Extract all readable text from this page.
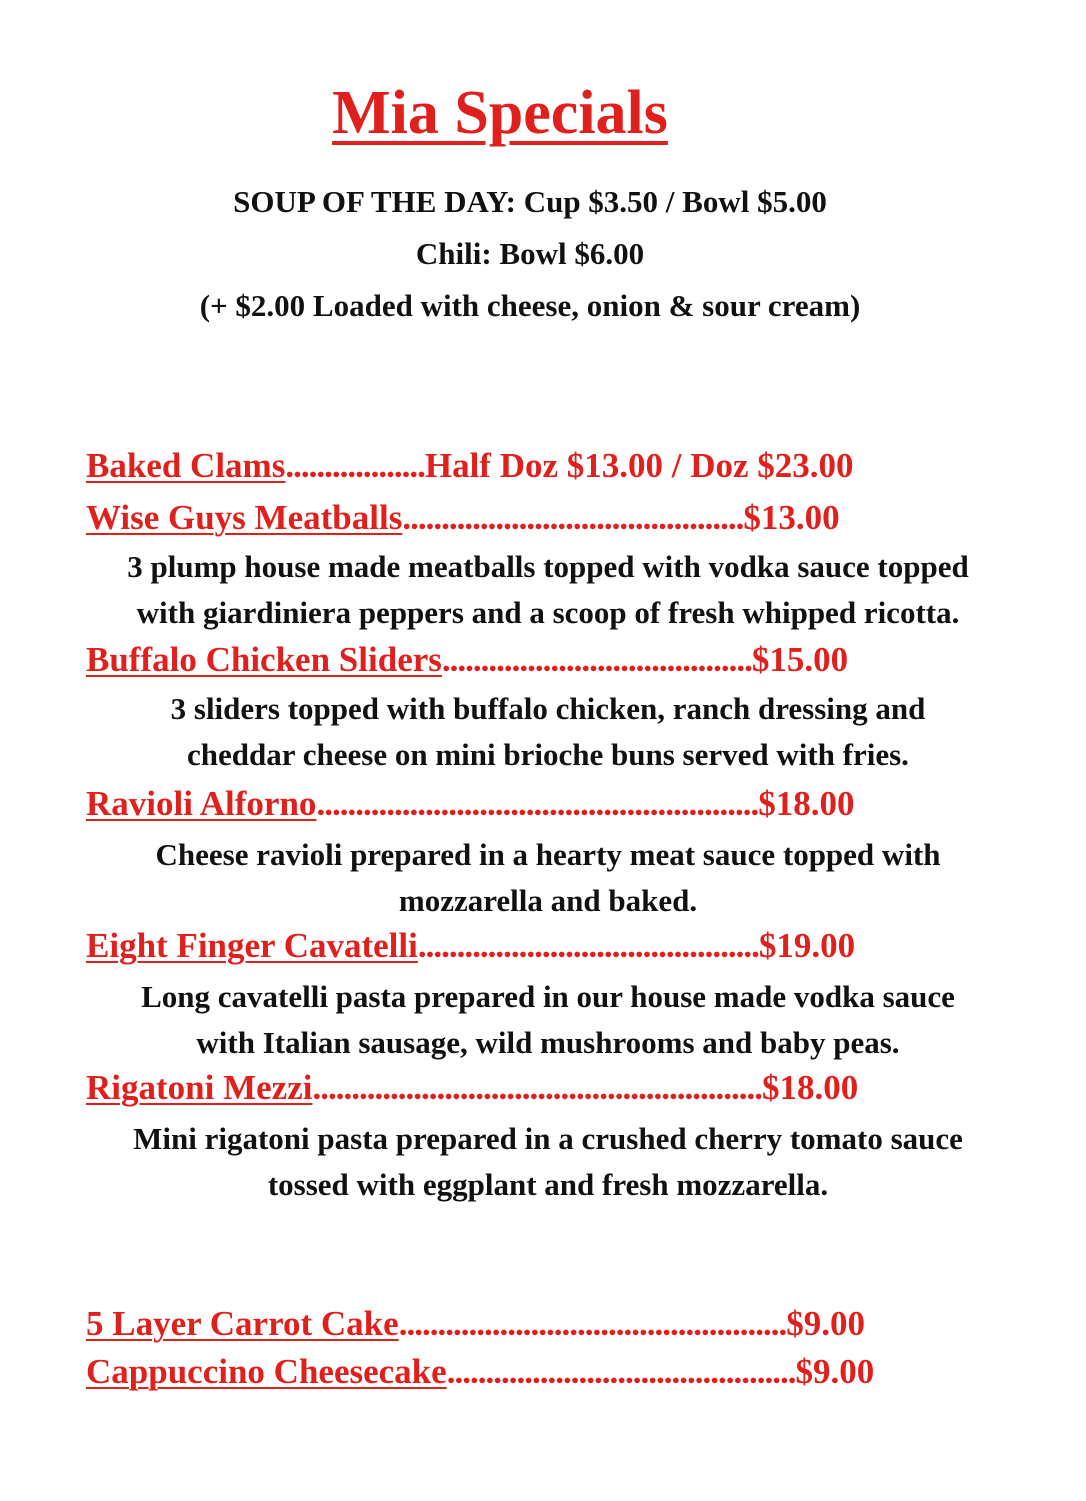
Mia Specials
SOUP OF THE DAY: Cup $3.50 / Bowl $5.00
Chili: Bowl $6.00
(+ $2.00 Loaded with cheese, onion & sour cream)
Baked Clams..................Half Doz $13.00 / Doz $23.00
Wise Guys Meatballs............................................$13.00
3 plump house made meatballs topped with vodka sauce topped
with giardiniera peppers and a scoop of fresh whipped ricotta.
Buffalo Chicken Sliders........................................$15.00
3 sliders topped with buffalo chicken, ranch dressing and
cheddar cheese on mini brioche buns served with fries.
Ravioli Alforno.........................................................$18.00
Cheese ravioli prepared in a hearty meat sauce topped with
mozzarella and baked.
Eight Finger Cavatelli............................................$19.00
Long cavatelli pasta prepared in our house made vodka sauce
with Italian sausage, wild mushrooms and baby peas.
Rigatoni Mezzi..........................................................$18.00
Mini rigatoni pasta prepared in a crushed cherry tomato sauce
tossed with eggplant and fresh mozzarella.
5 Layer Carrot Cake..................................................$9.00
Cappuccino Cheesecake.............................................$9.00
